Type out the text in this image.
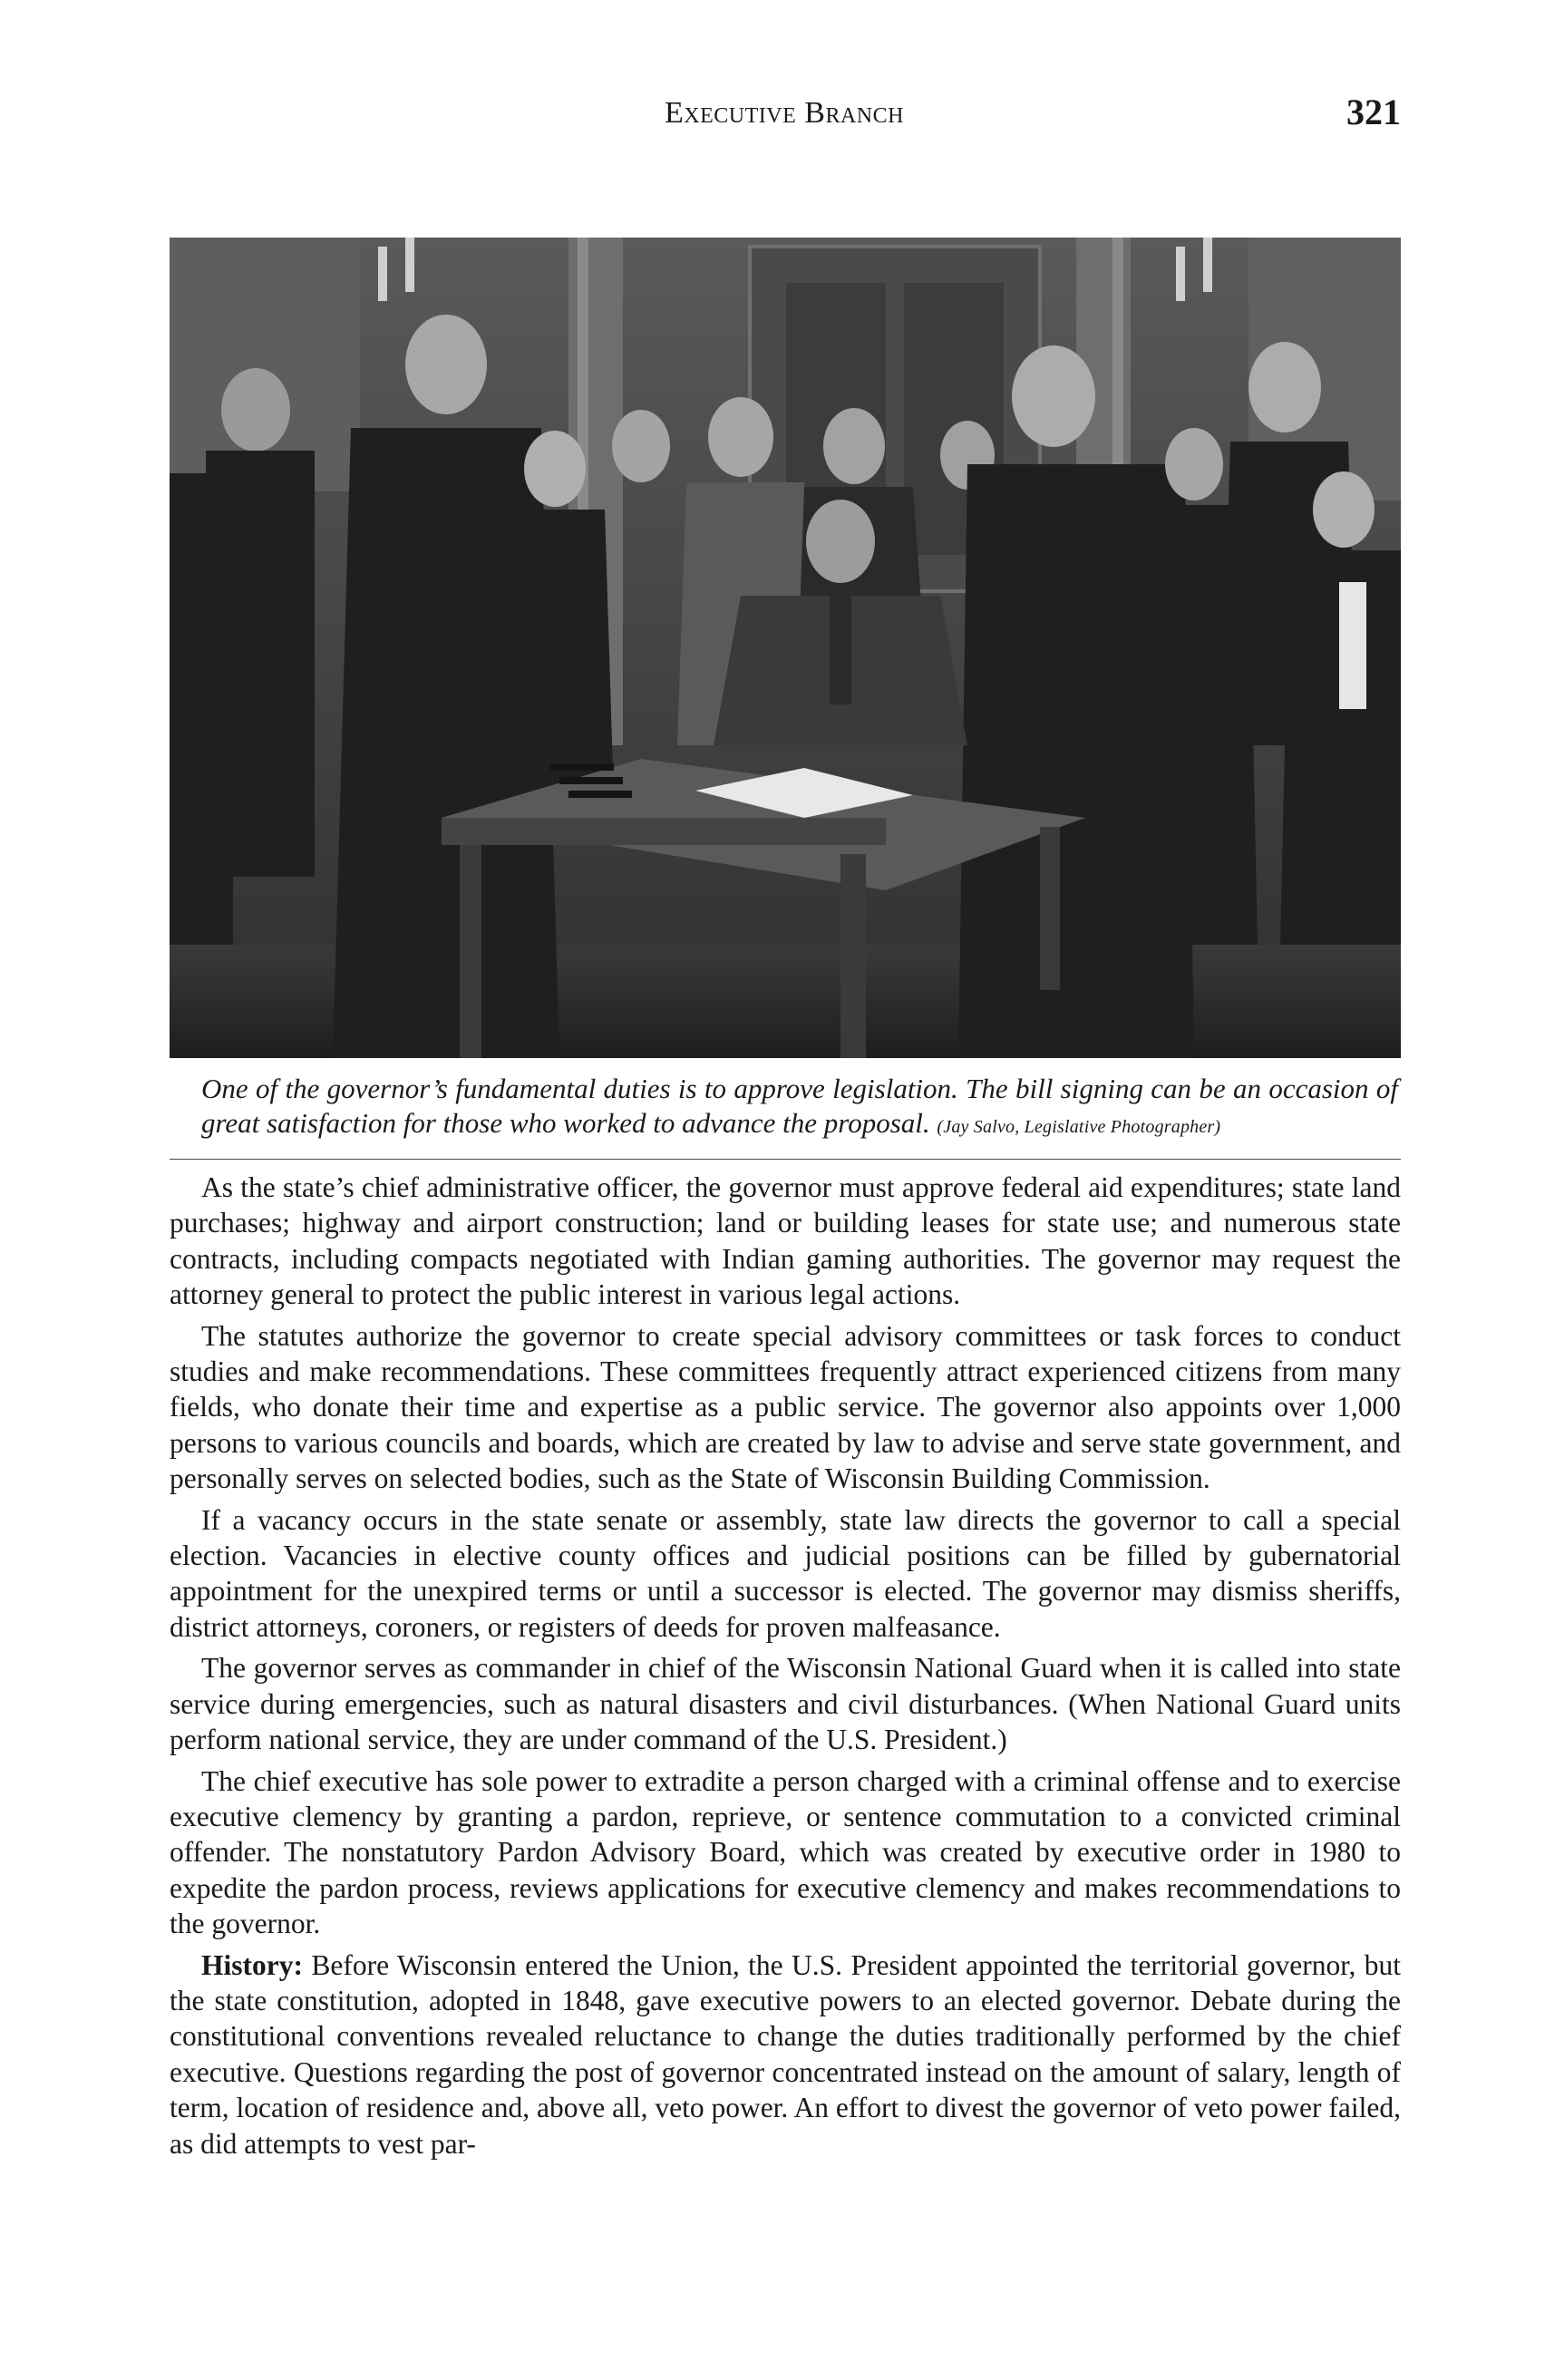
Executive Branch	321
One of the governor’s fundamental duties is to approve legislation. The bill signing can be an occasion of great satisfaction for those who worked to advance the proposal. (Jay Salvo, Legislative Photographer)

As the state’s chief administrative officer, the governor must approve federal aid expenditures; state land purchases; highway and airport construction; land or building leases for state use; and numerous state contracts, including compacts negotiated with Indian gaming authorities. The governor may request the attorney general to protect the public interest in various legal actions.

The statutes authorize the governor to create special advisory committees or task forces to conduct studies and make recommendations. These committees frequently attract experienced citizens from many fields, who donate their time and expertise as a public service. The governor also appoints over 1,000 persons to various councils and boards, which are created by law to advise and serve state government, and personally serves on selected bodies, such as the State of Wisconsin Building Commission.

If a vacancy occurs in the state senate or assembly, state law directs the governor to call a special election. Vacancies in elective county offices and judicial positions can be filled by gubernatorial appointment for the unexpired terms or until a successor is elected. The governor may dismiss sheriffs, district attorneys, coroners, or registers of deeds for proven malfeasance.

The governor serves as commander in chief of the Wisconsin National Guard when it is called into state service during emergencies, such as natural disasters and civil disturbances. (When National Guard units perform national service, they are under command of the U.S. President.)

The chief executive has sole power to extradite a person charged with a criminal offense and to exercise executive clemency by granting a pardon, reprieve, or sentence commutation to a convicted criminal offender. The nonstatutory Pardon Advisory Board, which was created by executive order in 1980 to expedite the pardon process, reviews applications for executive clemency and makes recommendations to the governor.

History: Before Wisconsin entered the Union, the U.S. President appointed the territorial governor, but the state constitution, adopted in 1848, gave executive powers to an elected governor. Debate during the constitutional conventions revealed reluctance to change the duties traditionally performed by the chief executive. Questions regarding the post of governor concentrated instead on the amount of salary, length of term, location of residence and, above all, veto power. An effort to divest the governor of veto power failed, as did attempts to vest par-
